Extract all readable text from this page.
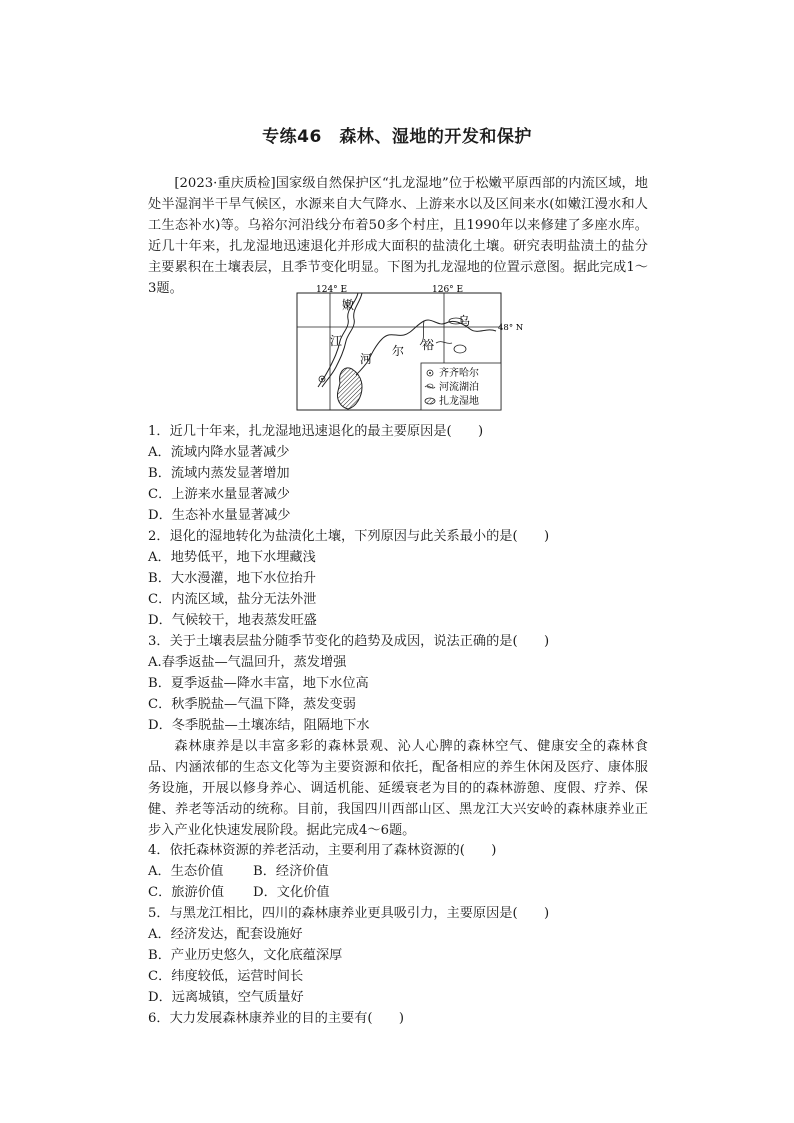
专练46　森林、湿地的开发和保护

[2023·重庆质检]国家级自然保护区“扎龙湿地”位于松嫩平原西部的内流区域，地处半湿润半干旱气候区，水源来自大气降水、上游来水以及区间来水(如嫩江漫水和人工生态补水)等。乌裕尔河沿线分布着50多个村庄，且1990年以来修建了多座水库。近几十年来，扎龙湿地迅速退化并形成大面积的盐渍化土壤。研究表明盐渍土的盐分主要累积在土壤表层，且季节变化明显。下图为扎龙湿地的位置示意图。据此完成1～3题。	124° E	126° E
48° N
嫩
江
河
尔 裕
乌
齐齐哈尔
河流湖泊
扎龙湿地
1．近几十年来，扎龙湿地迅速退化的最主要原因是(　　)
A．流域内降水显著减少
B．流域内蒸发显著增加
C．上游来水量显著减少
D．生态补水量显著减少
2．退化的湿地转化为盐渍化土壤，下列原因与此关系最小的是(　　)
A．地势低平，地下水埋藏浅
B．大水漫灌，地下水位抬升
C．内流区域，盐分无法外泄
D．气候较干，地表蒸发旺盛
3．关于土壤表层盐分随季节变化的趋势及成因，说法正确的是(　　)
A.春季返盐—气温回升，蒸发增强
B．夏季返盐—降水丰富，地下水位高
C．秋季脱盐—气温下降，蒸发变弱
D．冬季脱盐—土壤冻结，阻隔地下水

森林康养是以丰富多彩的森林景观、沁人心脾的森林空气、健康安全的森林食品、内涵浓郁的生态文化等为主要资源和依托，配备相应的养生休闲及医疗、康体服务设施，开展以修身养心、调适机能、延缓衰老为目的的森林游憩、度假、疗养、保健、养老等活动的统称。目前，我国四川西部山区、黑龙江大兴安岭的森林康养业正步入产业化快速发展阶段。据此完成4～6题。

4．依托森林资源的养老活动，主要利用了森林资源的(　　)
A．生态价值 B．经济价值
C．旅游价值 D．文化价值
5．与黑龙江相比，四川的森林康养业更具吸引力，主要原因是(　　)
A．经济发达，配套设施好
B．产业历史悠久，文化底蕴深厚
C．纬度较低，运营时间长
D．远离城镇，空气质量好
6．大力发展森林康养业的目的主要有(　　)
